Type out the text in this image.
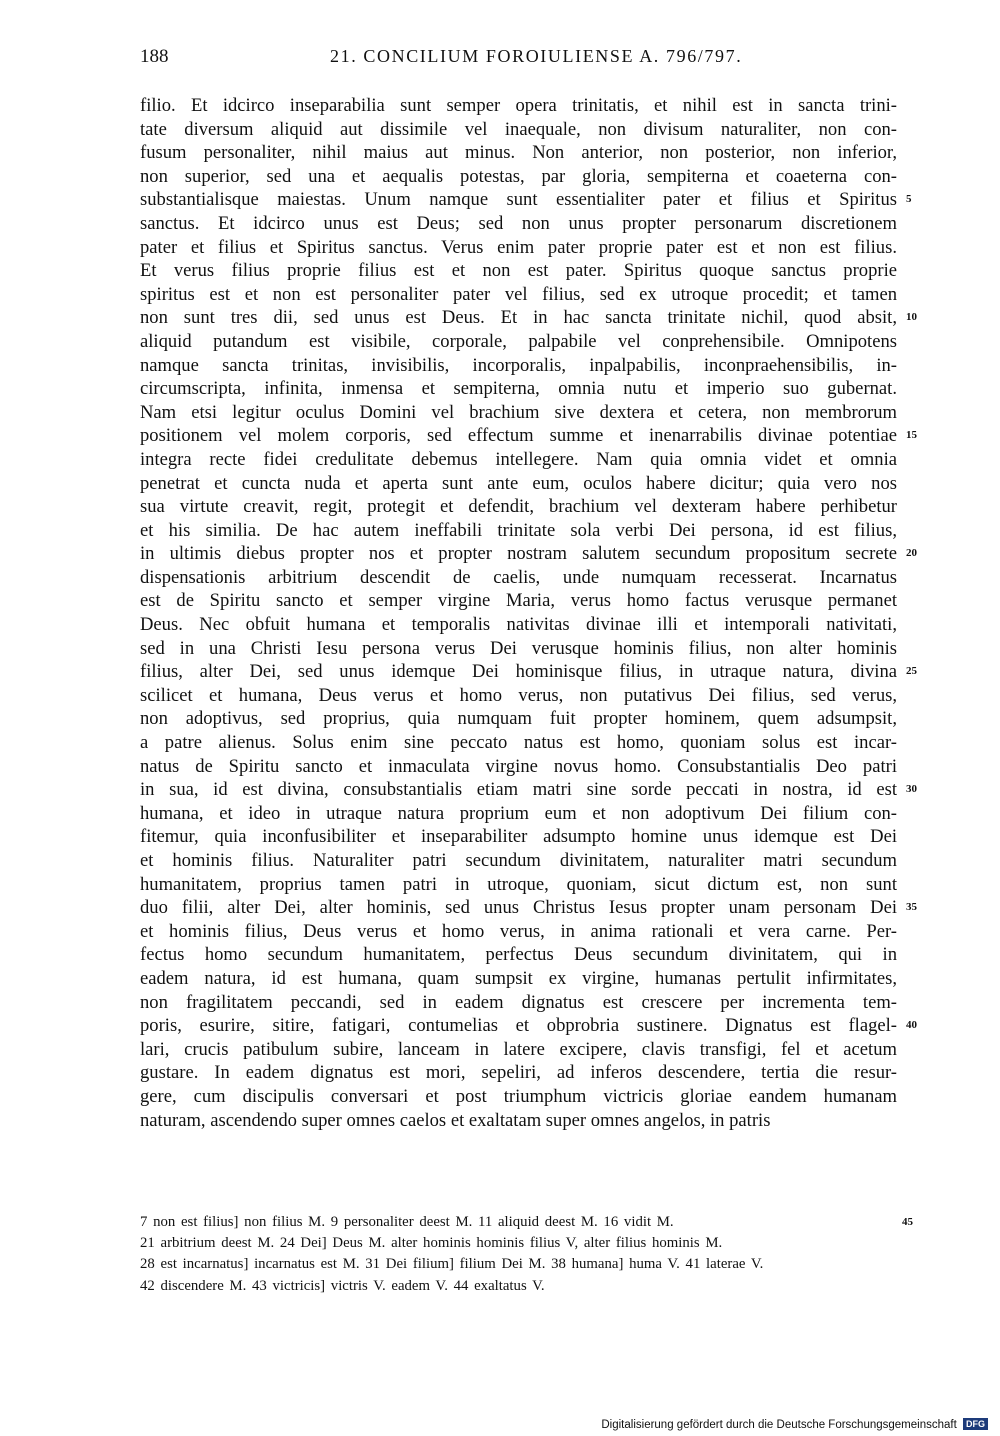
188	21. CONCILIUM FOROIULIENSE A. 796/797.
filio. Et idcirco inseparabilia sunt semper opera trinitatis, et nihil est in sancta trini-
tate diversum aliquid aut dissimile vel inaequale, non divisum naturaliter, non con-
fusum personaliter, nihil maius aut minus. Non anterior, non posterior, non inferior,
non superior, sed una et aequalis potestas, par gloria, sempiterna et coaeterna con-
substantialisque maiestas. Unum namque sunt essentialiter pater et filius et Spiritus 5
sanctus. Et idcirco unus est Deus; sed non unus propter personarum discretionem
pater et filius et Spiritus sanctus. Verus enim pater proprie pater est et non est filius.
Et verus filius proprie filius est et non est pater. Spiritus quoque sanctus proprie
spiritus est et non est personaliter pater vel filius, sed ex utroque procedit; et tamen
non sunt tres dii, sed unus est Deus. Et in hac sancta trinitate nichil, quod absit, 10
aliquid putandum est visibile, corporale, palpabile vel conprehensibile. Omnipotens
namque sancta trinitas, invisibilis, incorporalis, inpalpabilis, inconpraehensibilis, in-
circumscripta, infinita, inmensa et sempiterna, omnia nutu et imperio suo gubernat.
Nam etsi legitur oculus Domini vel brachium sive dextera et cetera, non membrorum
positionem vel molem corporis, sed effectum summe et inenarrabilis divinae potentiae 15
integra recte fidei credulitate debemus intellegere. Nam quia omnia videt et omnia
penetrat et cuncta nuda et aperta sunt ante eum, oculos habere dicitur; quia vero nos
sua virtute creavit, regit, protegit et defendit, brachium vel dexteram habere perhibetur
et his similia. De hac autem ineffabili trinitate sola verbi Dei persona, id est filius,
in ultimis diebus propter nos et propter nostram salutem secundum propositum secrete 20
dispensationis arbitrium descendit de caelis, unde numquam recesserat. Incarnatus
est de Spiritu sancto et semper virgine Maria, verus homo factus verusque permanet
Deus. Nec obfuit humana et temporalis nativitas divinae illi et intemporali nativitati,
sed in una Christi Iesu persona verus Dei verusque hominis filius, non alter hominis
filius, alter Dei, sed unus idemque Dei hominisque filius, in utraque natura, divina 25
scilicet et humana, Deus verus et homo verus, non putativus Dei filius, sed verus,
non adoptivus, sed proprius, quia numquam fuit propter hominem, quem adsumpsit,
a patre alienus. Solus enim sine peccato natus est homo, quoniam solus est incar-
natus de Spiritu sancto et inmaculata virgine novus homo. Consubstantialis Deo patri
in sua, id est divina, consubstantialis etiam matri sine sorde peccati in nostra, id est 30
humana, et ideo in utraque natura proprium eum et non adoptivum Dei filium con-
fitemur, quia inconfusibiliter et inseparabiliter adsumpto homine unus idemque est Dei
et hominis filius. Naturaliter patri secundum divinitatem, naturaliter matri secundum
humanitatem, proprius tamen patri in utroque, quoniam, sicut dictum est, non sunt
duo filii, alter Dei, alter hominis, sed unus Christus Iesus propter unam personam Dei 35
et hominis filius, Deus verus et homo verus, in anima rationali et vera carne. Per-
fectus homo secundum humanitatem, perfectus Deus secundum divinitatem, qui in
eadem natura, id est humana, quam sumpsit ex virgine, humanas pertulit infirmitates,
non fragilitatem peccandi, sed in eadem dignatus est crescere per incrementa tem-
poris, esurire, sitire, fatigari, contumelias et obprobria sustinere. Dignatus est flagel- 40
lari, crucis patibulum subire, lanceam in latere excipere, clavis transfigi, fel et acetum
gustare. In eadem dignatus est mori, sepeliri, ad inferos descendere, tertia die resur-
gere, cum discipulis conversari et post triumphum victricis gloriae eandem humanam
naturam, ascendendo super omnes caelos et exaltatam super omnes angelos, in patris
7 non est filius] non filius M. 9 personaliter deest M. 11 aliquid deest M. 16 vidit M.	45
21 arbitrium deest M. 24 Dei] Deus M. alter hominis hominis filius V, alter filius hominis M.
28 est incarnatus] incarnatus est M. 31 Dei filium] filium Dei M. 38 humana] huma V. 41 laterae V.
42 discendere M. 43 victricis] victris V. eadem V. 44 exaltatus V.
Digitalisierung gefördert durch die Deutsche Forschungsgemeinschaft DFG
